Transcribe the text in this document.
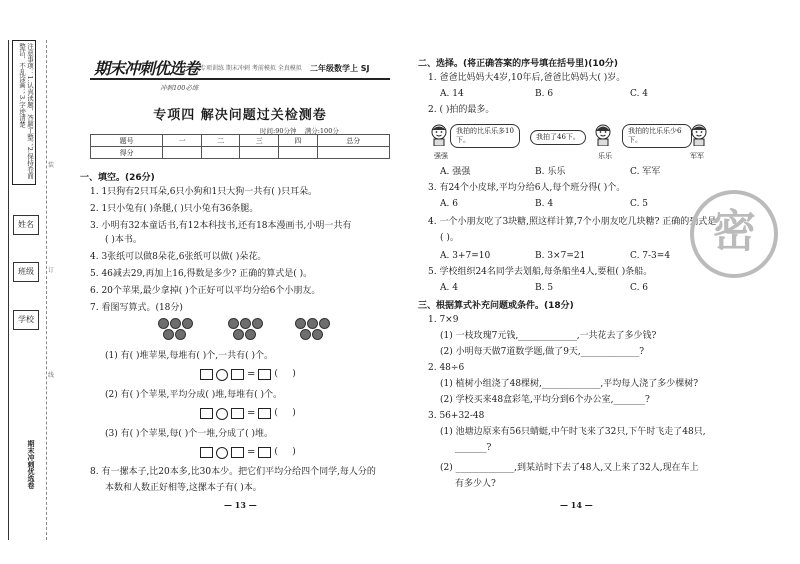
注意事项：1.认真读题，答题工整；2.保持卷面整洁，不乱涂画；3.字迹清楚
姓名
班级
学校
期末冲刺优选卷
装
订
线
期末冲刺优选卷 专项训练 期末冲刺 考前模拟 全真模拟 二年级数学上 SJ
冲刺100必练
专项四 解决问题过关检测卷
时间:90分钟 满分:100分
题号	一	二	三	四	总分
得分					
一、填空。(26分)
1. 1只狗有2只耳朵,6只小狗和1只大狗一共有( )只耳朵。
2. 1只小兔有( )条腿,( )只小兔有36条腿。
3. 小明有32本童话书,有12本科技书,还有18本漫画书,小明一共有
( )本书。
4. 3张纸可以做8朵花,6张纸可以做( )朵花。
5. 46减去29,再加上16,得数是多少? 正确的算式是( )。
6. 20个苹果,最少拿掉( )个正好可以平均分给6个小朋友。
7. 看图写算式。(18分)
(1) 有( )堆苹果,每堆有( )个,一共有( )个。
= (     )
(2) 有( )个苹果,平均分成( )堆,每堆有( )个。
= (     )
(3) 有( )个苹果,每( )个一堆,分成了( )堆。
= (     )
8. 有一摞本子,比20本多,比30本少。把它们平均分给四个同学,每人分的
本数和人数正好相等,这摞本子有( )本。
— 13 —
二、选择。(将正确答案的序号填在括号里)(10分)
1. 爸爸比妈妈大4岁,10年后,爸爸比妈妈大( )岁。
A. 14	B. 6	C. 4
2. ( )拍的最多。
我拍的比乐乐多10下。
强强
我拍了46下。
乐乐
我拍的比乐乐少6下。
军军
A. 强强	B. 乐乐	C. 军军
3. 有24个小皮球,平均分给6人,每个班分得( )个。
A. 6	B. 4	C. 5
4. 一个小朋友吃了3块糖,照这样计算,7个小朋友吃几块糖? 正确的列式是
( )。
A. 3+7=10	B. 3×7=21	C. 7-3=4
5. 学校组织24名同学去划船,每条船坐4人,要租( )条船。
A. 4	B. 5	C. 6
三、根据算式补充问题或条件。(18分)
1. 7×9
(1) 一枝玫瑰7元钱,_____________,一共花去了多少钱?
(2) 小明每天做7道数学题,做了9天,_____________?
2. 48÷6
(1) 植树小组浇了48棵树,_____________,平均每人浇了多少棵树?
(2) 学校买来48盒彩笔,平均分到6个办公室,_______?
3. 56+32-48
(1) 池塘边原来有56只蜻蜓,中午时飞来了32只,下午时飞走了48只,
_______?
(2) _____________,到某站时下去了48人,又上来了32人,现在车上
有多少人?
— 14 —
密
